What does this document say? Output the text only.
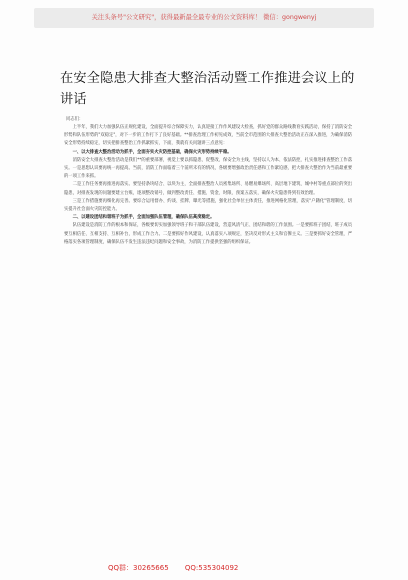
关注头条号"公文研究"，获得最新最全最专业的公文资料库！ 微信：gongwenyj
在安全隐患大排查大整治活动暨工作推进会议上的讲话
同志们：

上半年，我们大力加强队伍正规化建设，全面提升综合保障实力，认真迎接工作作风建设大检查，抓好党的群众路线教育实践活动，保持了消防安全形势和队伍形势的"双稳定"，对下一步的工作打下了良好基础。**排查治理工作初见成效，当前全市范围的大排查大整治活动正在深入推进，为确保消防安全形势持续稳定，切实把排查整治工作抓紧抓实，下面，我就有关问题讲三点意见：

一、以大排查大整治活动为抓手，全面夯实火灾防控基础，确保火灾形势持续平稳。

消防安全大排查大整治活动是我们**的重要部署，视觉上要以抓隐患、促整改、保安全为主线，坚持以人为本、依法防控，扎实推进排查整治工作落实。一是思想认识要再统一再提高。当前，消防工作面临着三个前所未有的情况，各级要增强政治责任感和工作紧迫感，把大排查大整治作为当前最重要的一项工作来抓。

二是工作任务要再推进再落实。要坚持条块结合、以块为主，全面排查整治人员密集场所、易燃易爆场所、高层地下建筑、城中村等重点部位的突出隐患，对排查发现的问题要建立台账，逐项整改销号，做到整改责任、措施、资金、时限、预案五落实，确保火灾隐患得到有效治理。

三是工作措施要再细化再完善。要综合运用督办、约谈、挂牌、曝光等措施，强化社会单位主体责任，推进网格化管理，落实"户籍化"管理制度，切实提升社会面火灾防控能力。

二、以建设团结和谐班子为抓手，全面加强队伍管理，确保队伍高度稳定。

队伍建设是消防工作的根本和保证，各级要切实加强领导班子和干部队伍建设，营造风清气正、团结和谐的工作氛围。一是要抓班子团结，班子成员要互相信任、互相支持、互相补台，形成工作合力。二是要抓好作风建设，认真落实八项规定，坚决反对形式主义和官僚主义。三是要抓好安全管理，严格落实各项管理制度，确保队伍不发生违法违纪问题和安全事故，为消防工作提供坚强的组织保证。

QQ群：30265665 QQ:535304092
